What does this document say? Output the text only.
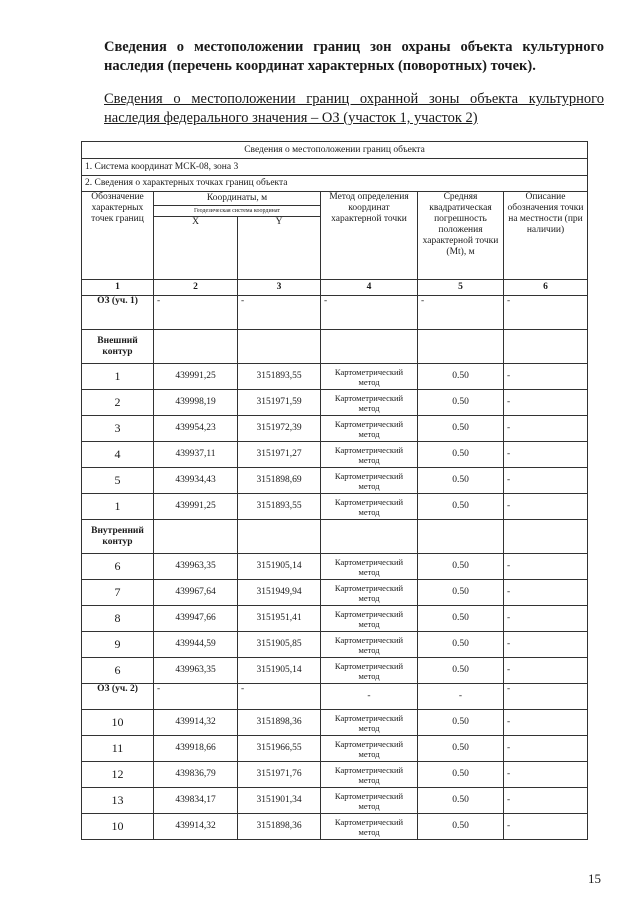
Сведения о местоположении границ зон охраны объекта культурного наследия (перечень координат характерных (поворотных) точек).
Сведения о местоположении границ охранной зоны объекта культурного наследия федерального значения – ОЗ (участок 1, участок 2)
Сведения о местоположении границ объекта					
1. Система координат МСК-08, зона 3					
2. Сведения о характерных точках границ объекта					
Обозначение характерных точек границ	Координаты, м		Метод определения координат характерной точки	Средняя квадратическая погрешность положения характерной точки (Mt), м	Описание обозначения точки на местности (при наличии)
	Геодезическая система координат				
	X	Y			
1	2	3	4	5	6
ОЗ (уч. 1)	-	-	-	-	-
Внешний контур					
1	439991,25	3151893,55	Картометрический метод	0.50	-
2	439998,19	3151971,59	Картометрический метод	0.50	-
3	439954,23	3151972,39	Картометрический метод	0.50	-
4	439937,11	3151971,27	Картометрический метод	0.50	-
5	439934,43	3151898,69	Картометрический метод	0.50	-
1	439991,25	3151893,55	Картометрический метод	0.50	-
Внутренний контур					
6	439963,35	3151905,14	Картометрический метод	0.50	-
7	439967,64	3151949,94	Картометрический метод	0.50	-
8	439947,66	3151951,41	Картометрический метод	0.50	-
9	439944,59	3151905,85	Картометрический метод	0.50	-
6	439963,35	3151905,14	Картометрический метод	0.50	-
ОЗ (уч. 2)	-	-	-	-	-
10	439914,32	3151898,36	Картометрический метод	0.50	-
11	439918,66	3151966,55	Картометрический метод	0.50	-
12	439836,79	3151971,76	Картометрический метод	0.50	-
13	439834,17	3151901,34	Картометрический метод	0.50	-
10	439914,32	3151898,36	Картометрический метод	0.50	-
15
